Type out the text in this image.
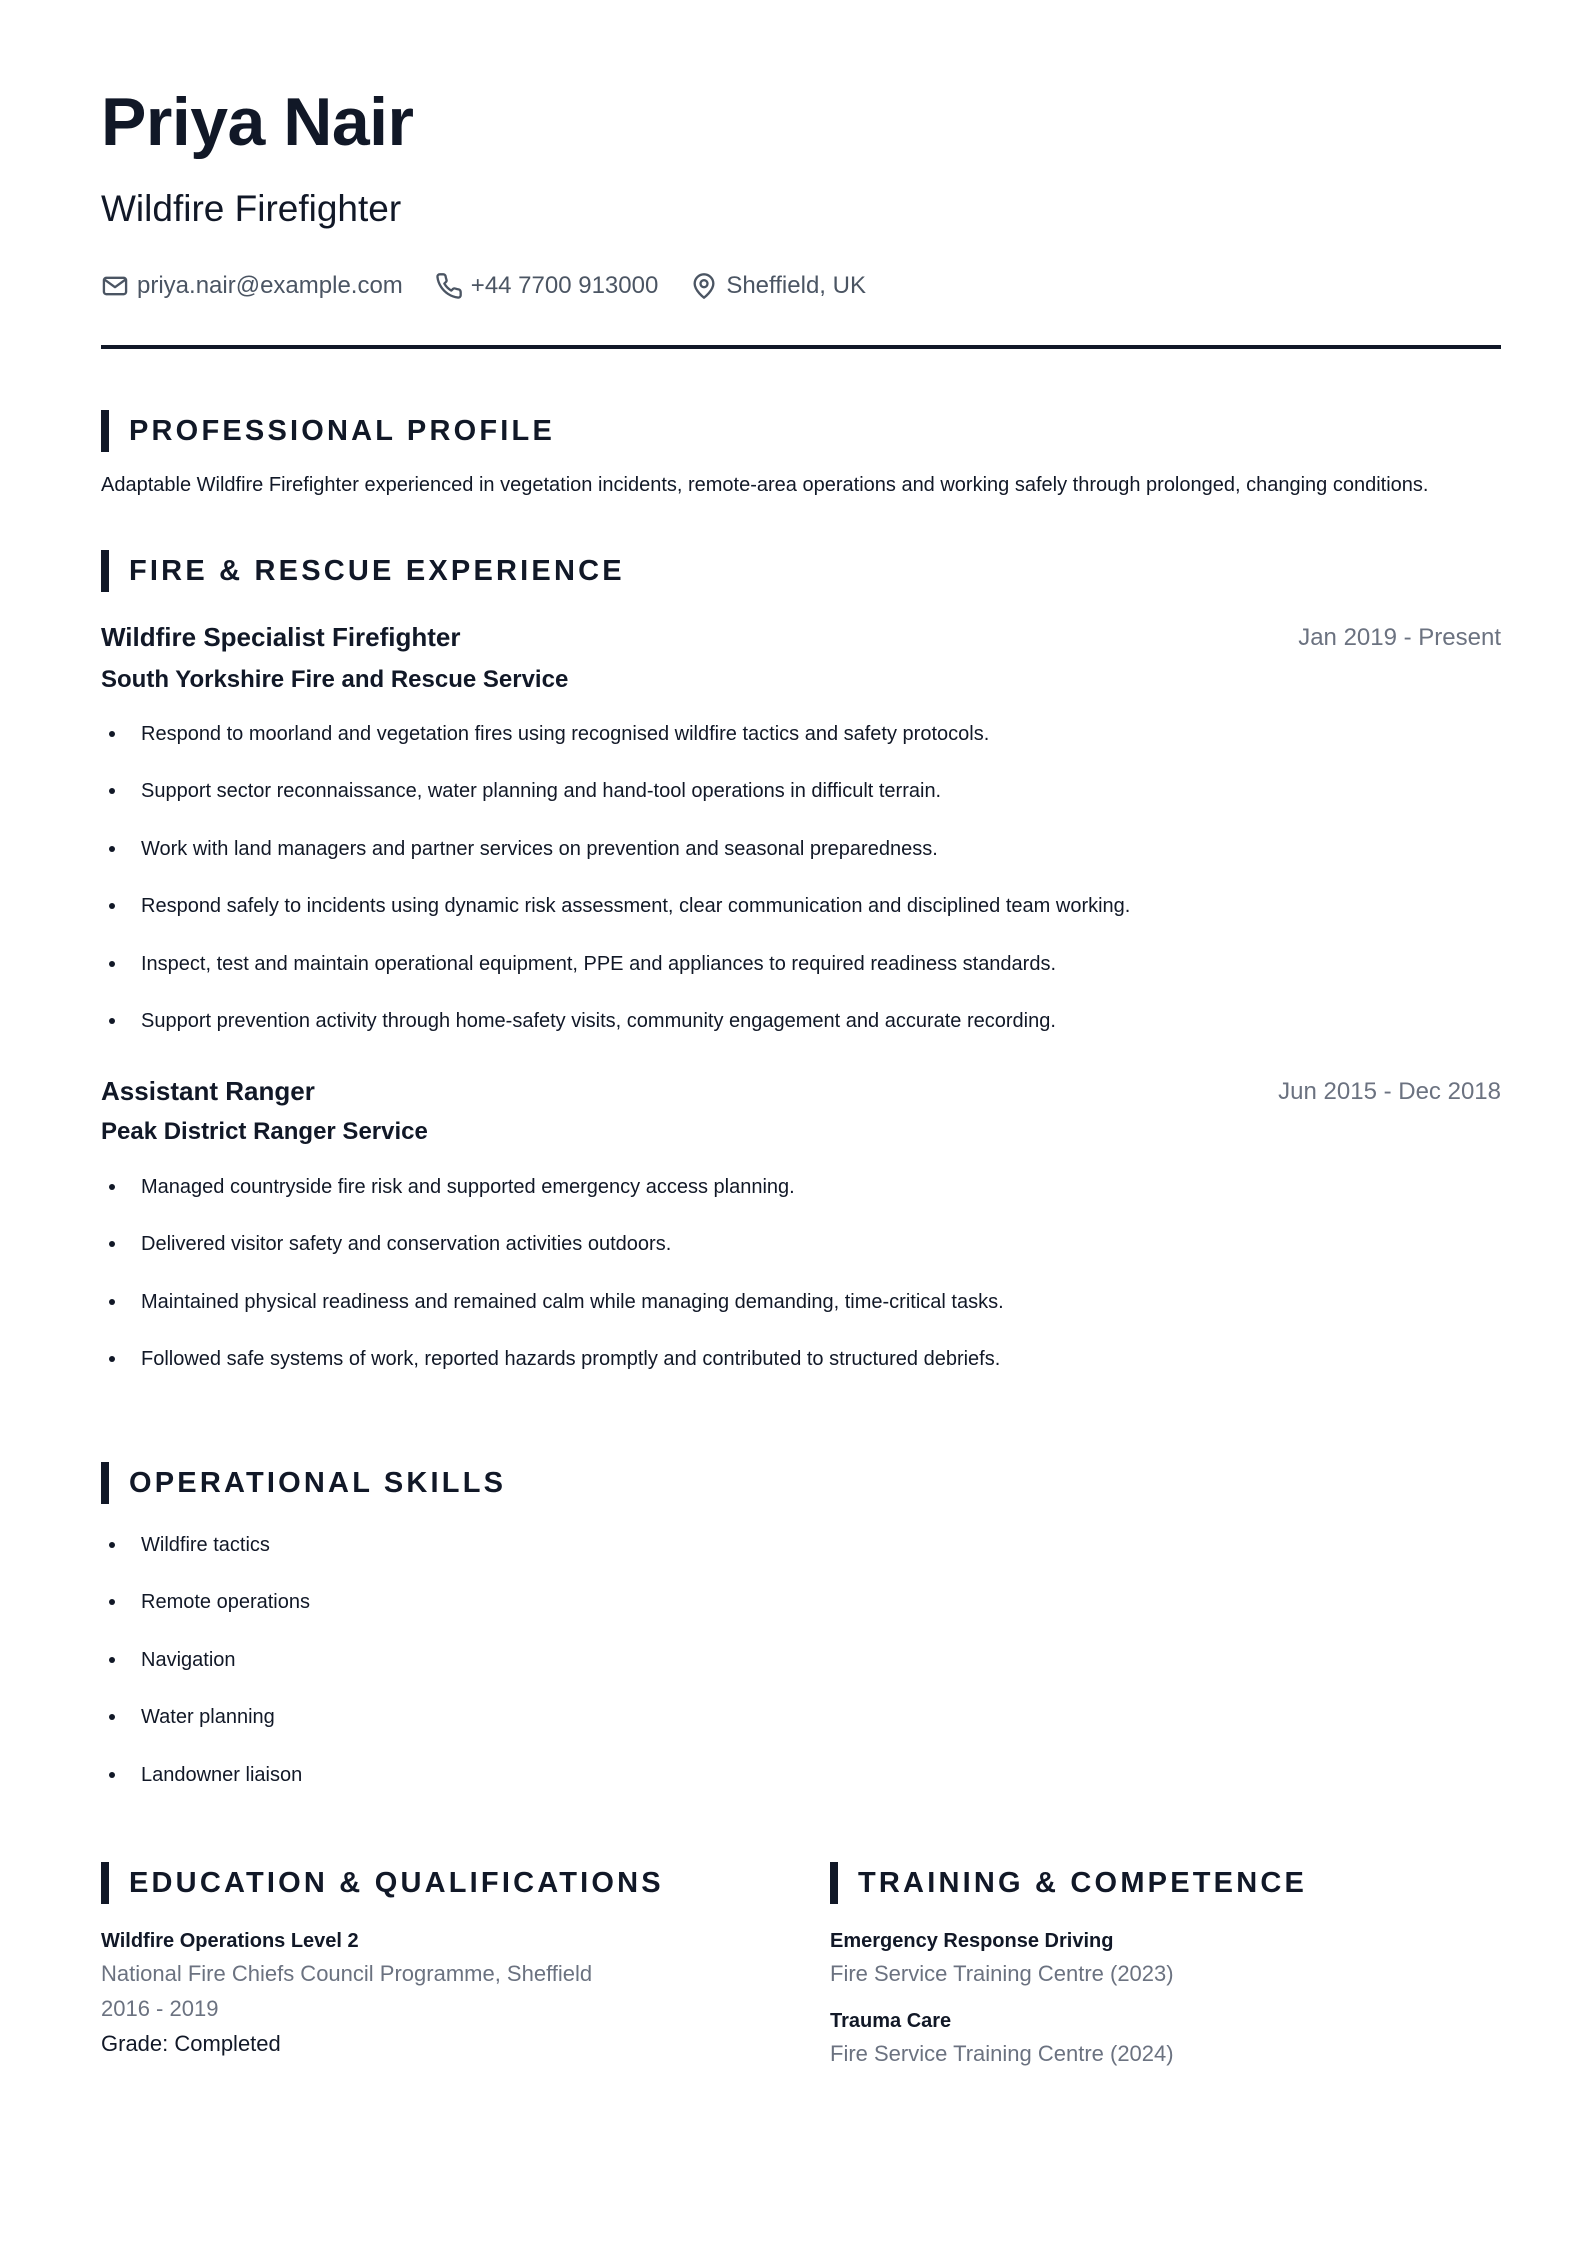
Priya Nair
Wildfire Firefighter
priya.nair@example.com	+44 7700 913000	Sheffield, UK
PROFESSIONAL PROFILE
Adaptable Wildfire Firefighter experienced in vegetation incidents, remote-area operations and working safely through prolonged, changing conditions.
FIRE & RESCUE EXPERIENCE
Wildfire Specialist Firefighter	Jan 2019 - Present
South Yorkshire Fire and Rescue Service
Respond to moorland and vegetation fires using recognised wildfire tactics and safety protocols.
Support sector reconnaissance, water planning and hand-tool operations in difficult terrain.
Work with land managers and partner services on prevention and seasonal preparedness.
Respond safely to incidents using dynamic risk assessment, clear communication and disciplined team working.
Inspect, test and maintain operational equipment, PPE and appliances to required readiness standards.
Support prevention activity through home-safety visits, community engagement and accurate recording.
Assistant Ranger	Jun 2015 - Dec 2018
Peak District Ranger Service
Managed countryside fire risk and supported emergency access planning.
Delivered visitor safety and conservation activities outdoors.
Maintained physical readiness and remained calm while managing demanding, time-critical tasks.
Followed safe systems of work, reported hazards promptly and contributed to structured debriefs.
OPERATIONAL SKILLS
Wildfire tactics
Remote operations
Navigation
Water planning
Landowner liaison
EDUCATION & QUALIFICATIONS
Wildfire Operations Level 2
National Fire Chiefs Council Programme, Sheffield
2016 - 2019
Grade: Completed
TRAINING & COMPETENCE
Emergency Response Driving
Fire Service Training Centre (2023)
Trauma Care
Fire Service Training Centre (2024)
